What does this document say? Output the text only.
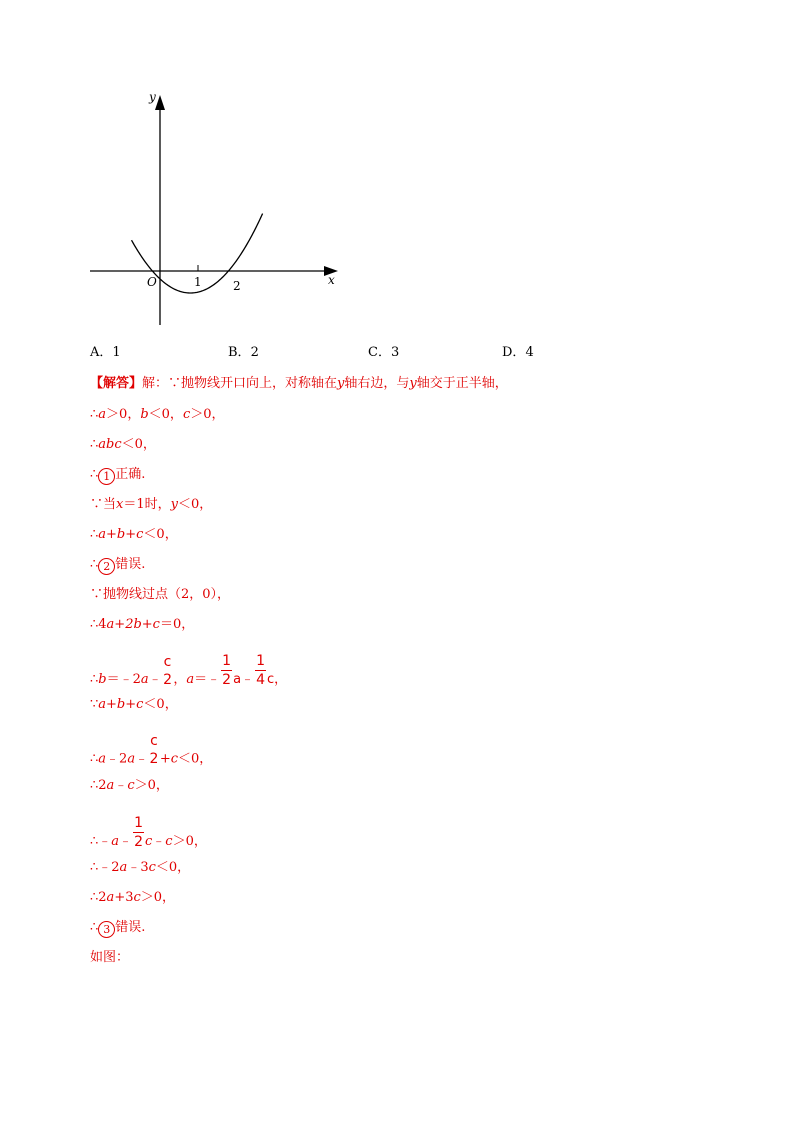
y
x
O	1	2
A．1	B．2	C．3	D．4
【解答】解：∵抛物线开口向上，对称轴在y轴右边，与y轴交于正半轴，
∴a＞0，b＜0，c＞0，
∴abc＜0，
∴ 1 正确.
∵当x＝1时，y＜0，
∴a+b+c＜0，
∴ 2 错误.
∵抛物线过点（2，0），
∴4a+2b+c＝0，
∴b＝﹣2a﹣
c
2 ，a＝﹣ $\frac{1}{2}$ a﹣ $\frac{1}{4}$ c，
∵a+b+c＜0，
∴a﹣2a﹣
c
2 +c＜0，
∴2a﹣c＞0，
∴﹣a﹣ $\frac{1}{2}$ c﹣c＞0，
∴﹣2a﹣3c＜0，
∴2a+3c＞0，
∴ 3 错误.
如图：
